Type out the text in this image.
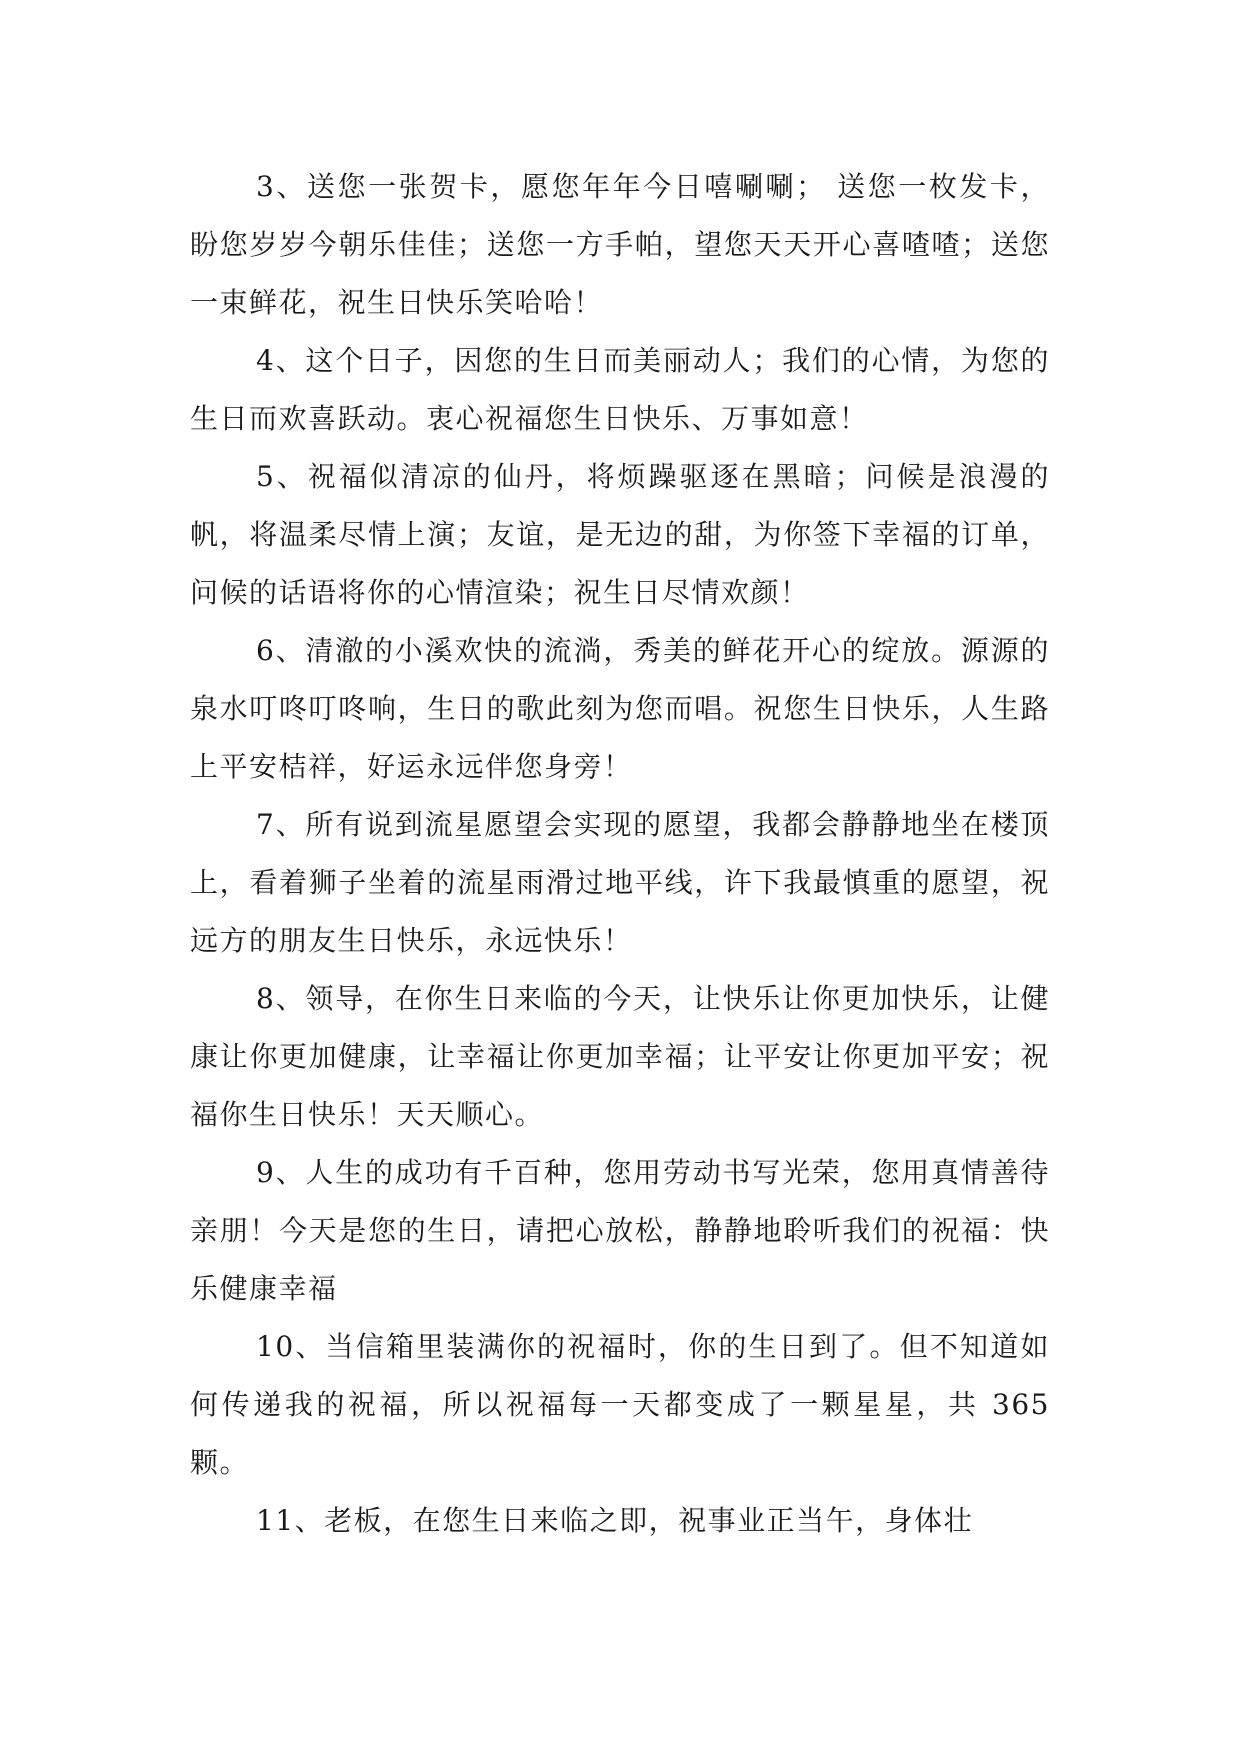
3、送您一张贺卡，愿您年年今日嘻唰唰； 送您一枚发卡，盼您岁岁今朝乐佳佳；送您一方手帕，望您天天开心喜喳喳；送您一束鲜花，祝生日快乐笑哈哈！

4、这个日子，因您的生日而美丽动人；我们的心情，为您的生日而欢喜跃动。衷心祝福您生日快乐、万事如意！

5、祝福似清凉的仙丹，将烦躁驱逐在黑暗；问候是浪漫的帆，将温柔尽情上演；友谊，是无边的甜，为你签下幸福的订单，问候的话语将你的心情渲染；祝生日尽情欢颜！

6、清澈的小溪欢快的流淌，秀美的鲜花开心的绽放。源源的泉水叮咚叮咚响，生日的歌此刻为您而唱。祝您生日快乐，人生路上平安桔祥，好运永远伴您身旁！

7、所有说到流星愿望会实现的愿望，我都会静静地坐在楼顶上，看着狮子坐着的流星雨滑过地平线，许下我最慎重的愿望，祝远方的朋友生日快乐，永远快乐！

8、领导，在你生日来临的今天，让快乐让你更加快乐，让健康让你更加健康，让幸福让你更加幸福；让平安让你更加平安；祝福你生日快乐！天天顺心。

9、人生的成功有千百种，您用劳动书写光荣，您用真情善待亲朋！今天是您的生日，请把心放松，静静地聆听我们的祝福：快乐健康幸福

10、当信箱里装满你的祝福时，你的生日到了。但不知道如何传递我的祝福，所以祝福每一天都变成了一颗星星，共 365 颗。

11、老板，在您生日来临之即，祝事业正当午，身体壮
